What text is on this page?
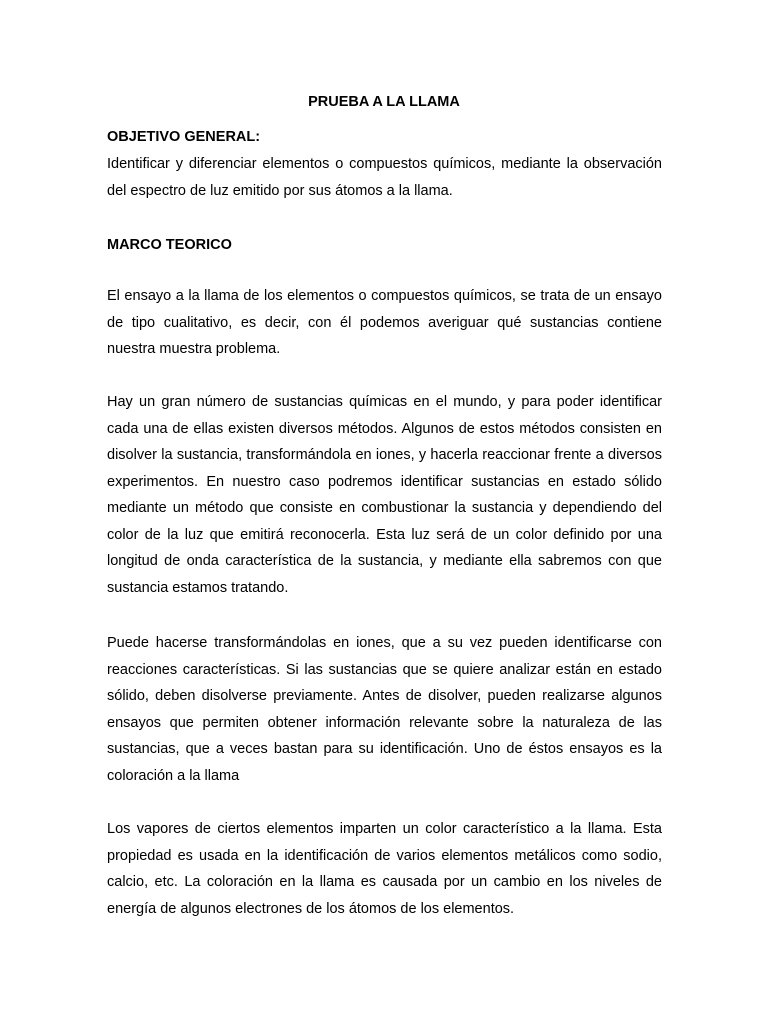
PRUEBA A LA LLAMA
OBJETIVO GENERAL:

Identificar y diferenciar elementos o compuestos químicos, mediante la observación del espectro de luz emitido por sus átomos a la llama.

MARCO TEORICO

El ensayo a la llama de los elementos o compuestos químicos, se trata de un ensayo de tipo cualitativo, es decir, con él podemos averiguar qué sustancias contiene nuestra muestra problema.

Hay un gran número de sustancias químicas en el mundo, y para poder identificar cada una de ellas existen diversos métodos. Algunos de estos métodos consisten en disolver la sustancia, transformándola en iones, y hacerla reaccionar frente a diversos experimentos. En nuestro caso podremos identificar sustancias en estado sólido mediante un método que consiste en combustionar la sustancia y dependiendo del color de la luz que emitirá reconocerla. Esta luz será de un color definido por una longitud de onda característica de la sustancia, y mediante ella sabremos con que sustancia estamos tratando.

Puede hacerse transformándolas en iones, que a su vez pueden identificarse con reacciones características. Si las sustancias que se quiere analizar están en estado sólido, deben disolverse previamente. Antes de disolver, pueden realizarse algunos ensayos que permiten obtener información relevante sobre la naturaleza de las sustancias, que a veces bastan para su identificación. Uno de éstos ensayos es la coloración a la llama

Los vapores de ciertos elementos imparten un color característico a la llama. Esta propiedad es usada en la identificación de varios elementos metálicos como sodio, calcio, etc. La coloración en la llama es causada por un cambio en los niveles de energía de algunos electrones de los átomos de los elementos.
